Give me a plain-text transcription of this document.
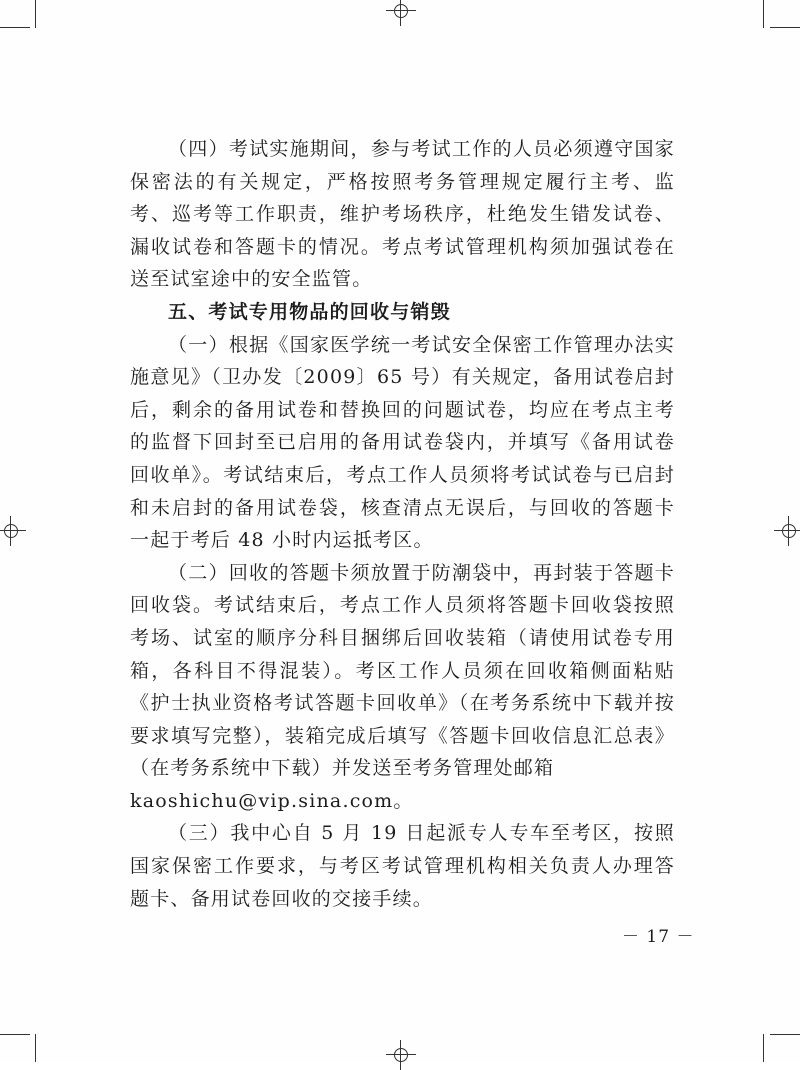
（四）考试实施期间，参与考试工作的人员必须遵守国家保密法的有关规定，严格按照考务管理规定履行主考、监考、巡考等工作职责，维护考场秩序，杜绝发生错发试卷、漏收试卷和答题卡的情况。考点考试管理机构须加强试卷在送至试室途中的安全监管。

五、考试专用物品的回收与销毁

（一）根据《国家医学统一考试安全保密工作管理办法实施意见》（卫办发〔2009〕65 号）有关规定，备用试卷启封后，剩余的备用试卷和替换回的问题试卷，均应在考点主考的监督下回封至已启用的备用试卷袋内，并填写《备用试卷回收单》。考试结束后，考点工作人员须将考试试卷与已启封和未启封的备用试卷袋，核查清点无误后，与回收的答题卡一起于考后 48 小时内运抵考区。

（二）回收的答题卡须放置于防潮袋中，再封装于答题卡回收袋。考试结束后，考点工作人员须将答题卡回收袋按照考场、试室的顺序分科目捆绑后回收装箱（请使用试卷专用箱，各科目不得混装）。考区工作人员须在回收箱侧面粘贴《护士执业资格考试答题卡回收单》（在考务系统中下载并按要求填写完整），装箱完成后填写《答题卡回收信息汇总表》（在考务系统中下载）并发送至考务管理处邮箱

kaoshichu@vip.sina.com。

（三）我中心自 5 月 19 日起派专人专车至考区，按照国家保密工作要求，与考区考试管理机构相关负责人办理答题卡、备用试卷回收的交接手续。

－ 17 －
